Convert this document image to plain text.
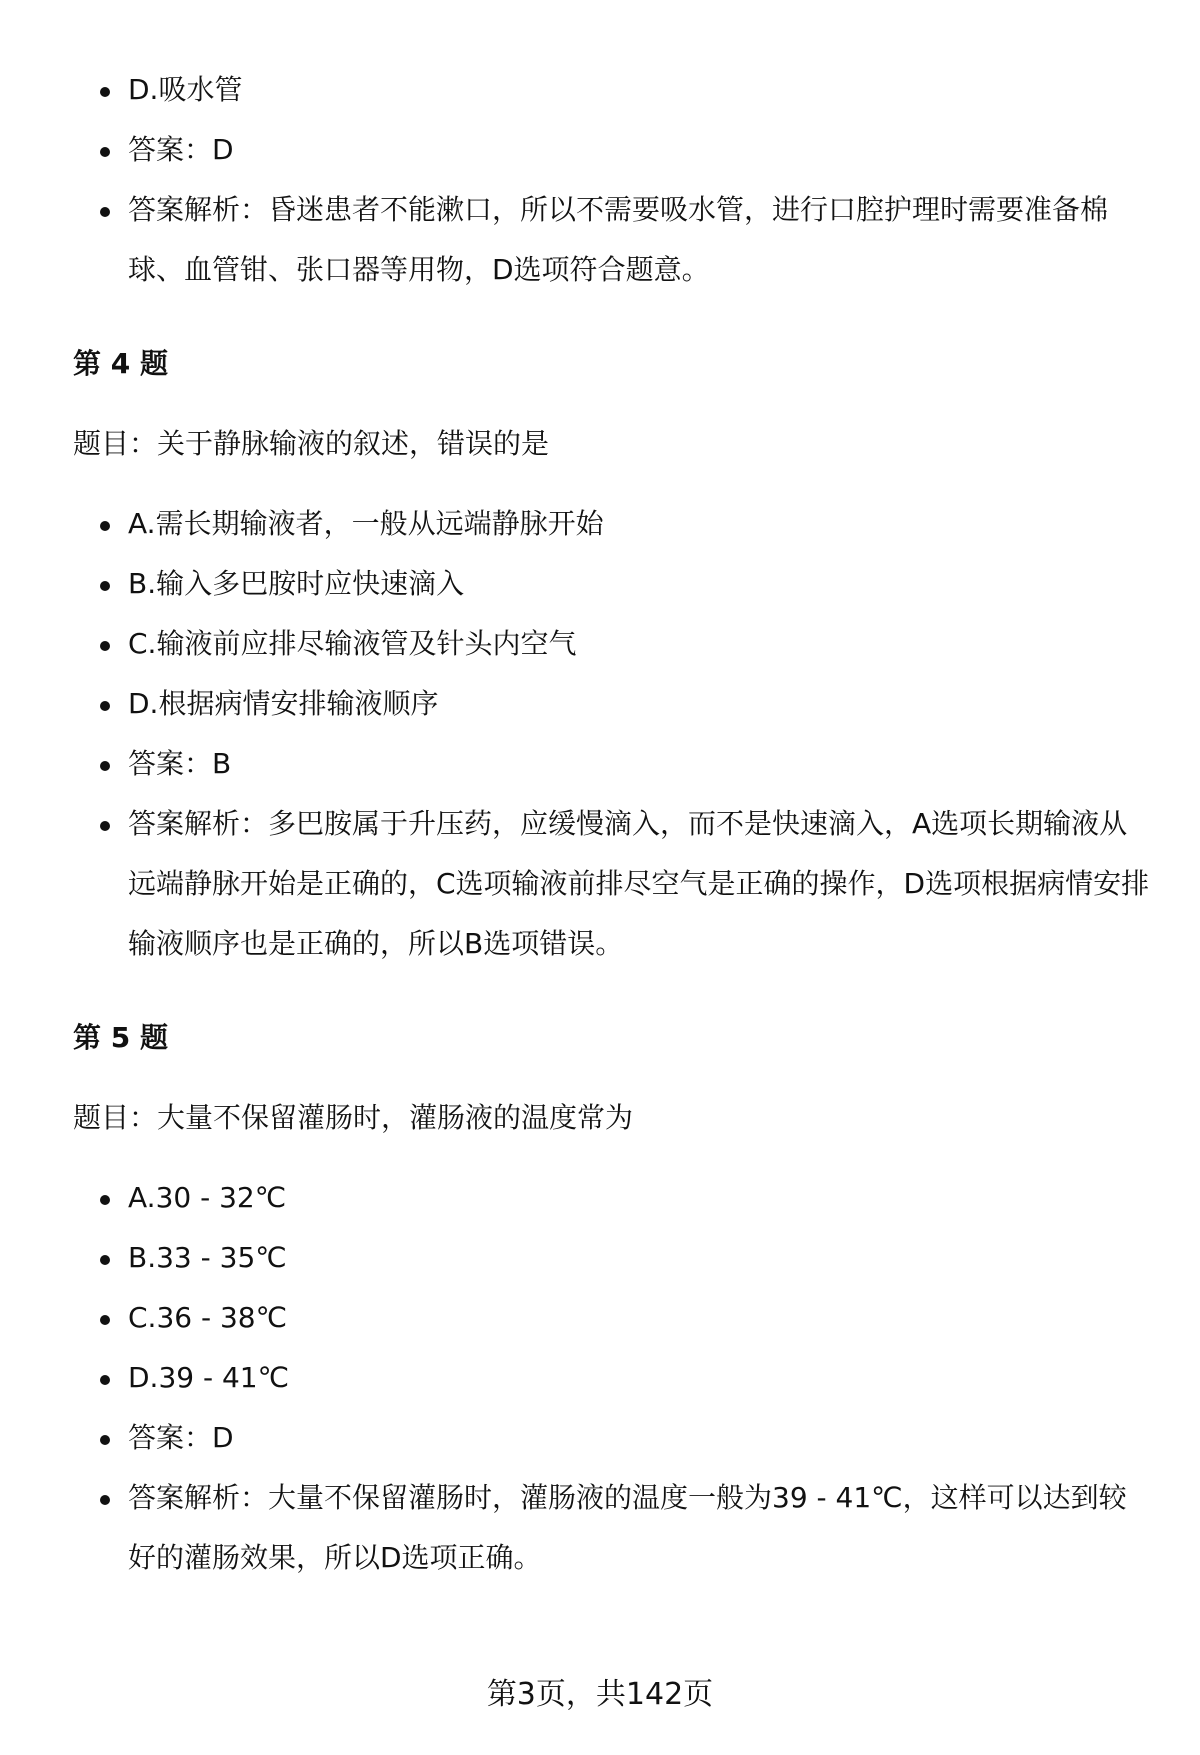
D.吸水管
答案：D
答案解析：昏迷患者不能漱口，所以不需要吸水管，进行口腔护理时需要准备棉球、血管钳、张口器等用物，D选项符合题意。
第 4 题
题目：关于静脉输液的叙述，错误的是
A.需长期输液者，一般从远端静脉开始
B.输入多巴胺时应快速滴入
C.输液前应排尽输液管及针头内空气
D.根据病情安排输液顺序
答案：B
答案解析：多巴胺属于升压药，应缓慢滴入，而不是快速滴入，A选项长期输液从远端静脉开始是正确的，C选项输液前排尽空气是正确的操作，D选项根据病情安排输液顺序也是正确的，所以B选项错误。
第 5 题
题目：大量不保留灌肠时，灌肠液的温度常为
A.30 - 32℃
B.33 - 35℃
C.36 - 38℃
D.39 - 41℃
答案：D
答案解析：大量不保留灌肠时，灌肠液的温度一般为39 - 41℃，这样可以达到较好的灌肠效果，所以D选项正确。
第3页，共142页
